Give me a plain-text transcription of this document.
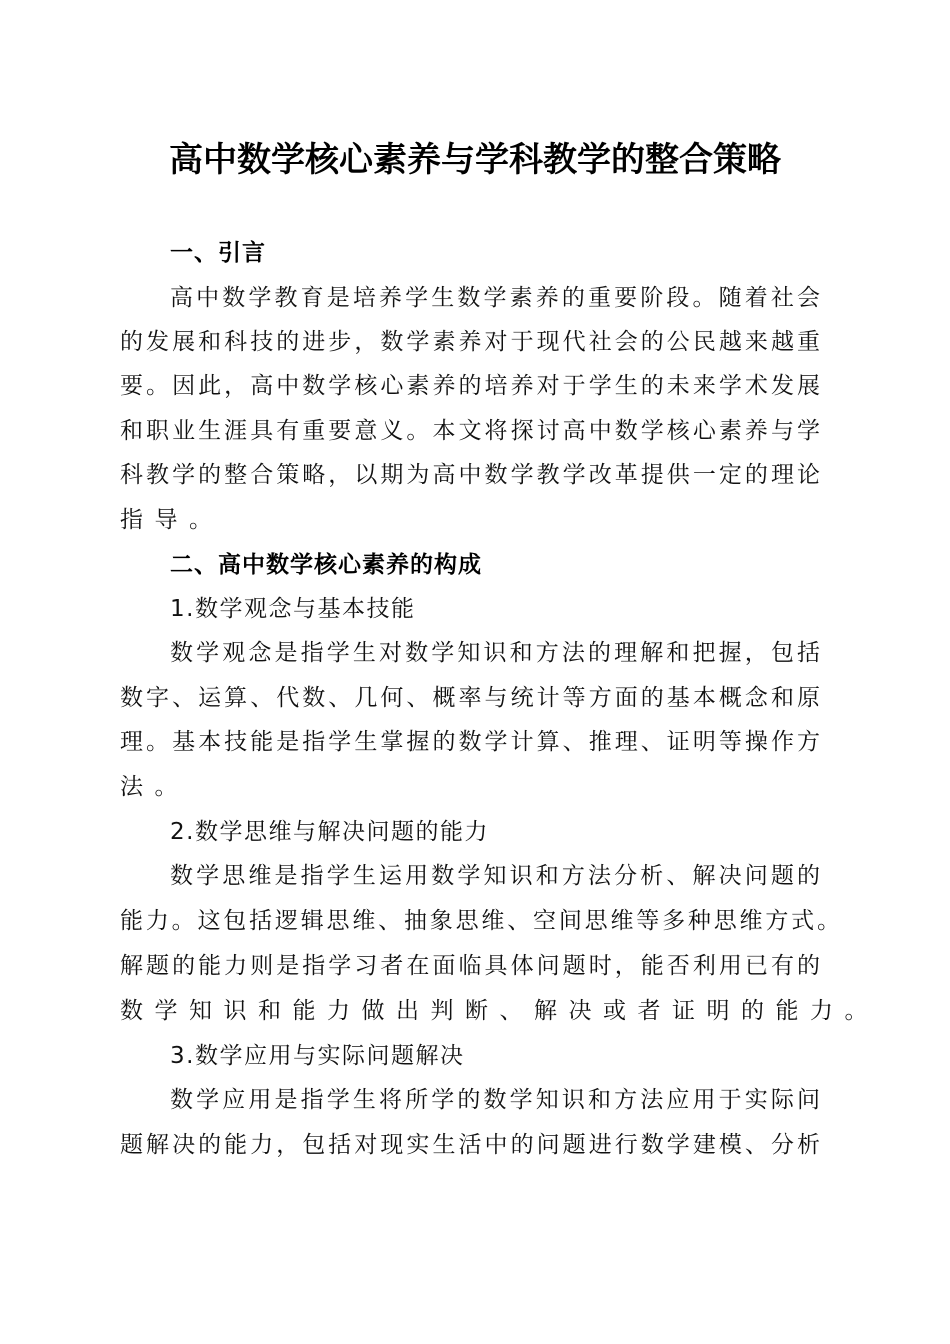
高中数学核心素养与学科教学的整合策略
一、引言
高中数学教育是培养学生数学素养的重要阶段。随着社会
的发展和科技的进步，数学素养对于现代社会的公民越来越重
要。因此，高中数学核心素养的培养对于学生的未来学术发展
和职业生涯具有重要意义。本文将探讨高中数学核心素养与学
科教学的整合策略，以期为高中数学教学改革提供一定的理论
指导。
二、高中数学核心素养的构成
1.数学观念与基本技能
数学观念是指学生对数学知识和方法的理解和把握，包括
数字、运算、代数、几何、概率与统计等方面的基本概念和原
理。基本技能是指学生掌握的数学计算、推理、证明等操作方
法。
2.数学思维与解决问题的能力
数学思维是指学生运用数学知识和方法分析、解决问题的
能力。这包括逻辑思维、抽象思维、空间思维等多种思维方式。
解题的能力则是指学习者在面临具体问题时，能否利用已有的
数学知识和能力做出判断、解决或者证明的能力。
3.数学应用与实际问题解决
数学应用是指学生将所学的数学知识和方法应用于实际问
题解决的能力，包括对现实生活中的问题进行数学建模、分析
